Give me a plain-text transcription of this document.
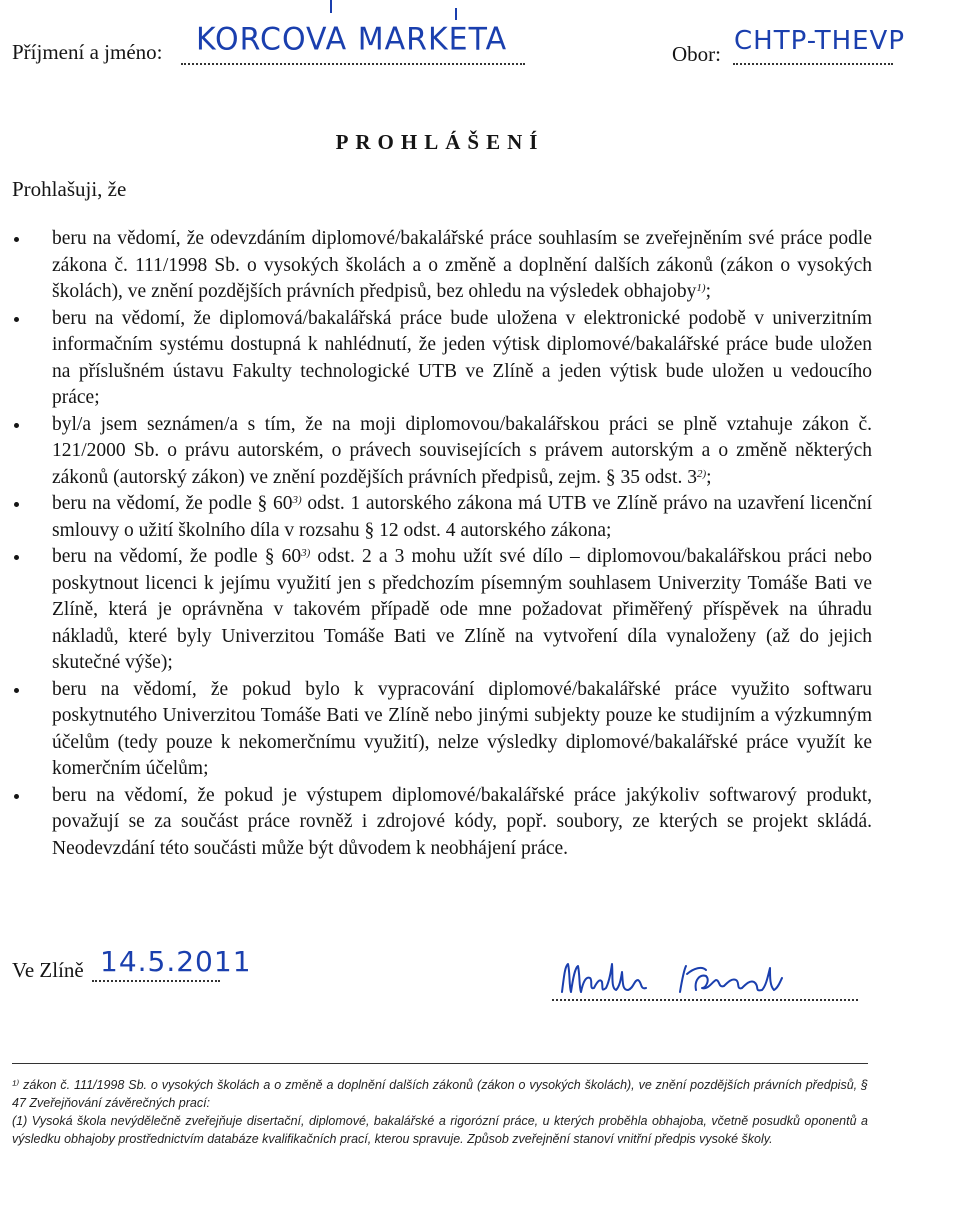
Příjmení a jméno: KORCOVA MARKETA	Obor: CHTP-THEVP
PROHLÁŠENÍ
Prohlašuji, že
beru na vědomí, že odevzdáním diplomové/bakalářské práce souhlasím se zveřejněním své práce podle zákona č. 111/1998 Sb. o vysokých školách a o změně a doplnění dalších zákonů (zákon o vysokých školách), ve znění pozdějších právních předpisů, bez ohledu na výsledek obhajoby$^{1)}$;
beru na vědomí, že diplomová/bakalářská práce bude uložena v elektronické podobě v univerzitním informačním systému dostupná k nahlédnutí, že jeden výtisk diplomové/bakalářské práce bude uložen na příslušném ústavu Fakulty technologické UTB ve Zlíně a jeden výtisk bude uložen u vedoucího práce;
byl/a jsem seznámen/a s tím, že na moji diplomovou/bakalářskou práci se plně vztahuje zákon č. 121/2000 Sb. o právu autorském, o právech souvisejících s právem autorským a o změně některých zákonů (autorský zákon) ve znění pozdějších právních předpisů, zejm. § 35 odst. 3$^{2)}$;
beru na vědomí, že podle § 60$^{3)}$ odst. 1 autorského zákona má UTB ve Zlíně právo na uzavření licenční smlouvy o užití školního díla v rozsahu § 12 odst. 4 autorského zákona;
beru na vědomí, že podle § 60$^{3)}$ odst. 2 a 3 mohu užít své dílo – diplomovou/bakalářskou práci nebo poskytnout licenci k jejímu využití jen s předchozím písemným souhlasem Univerzity Tomáše Bati ve Zlíně, která je oprávněna v takovém případě ode mne požadovat přiměřený příspěvek na úhradu nákladů, které byly Univerzitou Tomáše Bati ve Zlíně na vytvoření díla vynaloženy (až do jejich skutečné výše);
beru na vědomí, že pokud bylo k vypracování diplomové/bakalářské práce využito softwaru poskytnutého Univerzitou Tomáše Bati ve Zlíně nebo jinými subjekty pouze ke studijním a výzkumným účelům (tedy pouze k nekomerčnímu využití), nelze výsledky diplomové/bakalářské práce využít ke komerčním účelům;
beru na vědomí, že pokud je výstupem diplomové/bakalářské práce jakýkoliv softwarový produkt, považují se za součást práce rovněž i zdrojové kódy, popř. soubory, ze kterých se projekt skládá. Neodevzdání této součásti může být důvodem k neobhájení práce.
Ve Zlíně 14.5.2011

¹⁾ zákon č. 111/1998 Sb. o vysokých školách a o změně a doplnění dalších zákonů (zákon o vysokých školách), ve znění pozdějších právních předpisů, § 47 Zveřejňování závěrečných prací:

(1) Vysoká škola nevýdělečně zveřejňuje disertační, diplomové, bakalářské a rigorózní práce, u kterých proběhla obhajoba, včetně posudků oponentů a výsledku obhajoby prostřednictvím databáze kvalifikačních prací, kterou spravuje. Způsob zveřejnění stanoví vnitřní předpis vysoké školy.
